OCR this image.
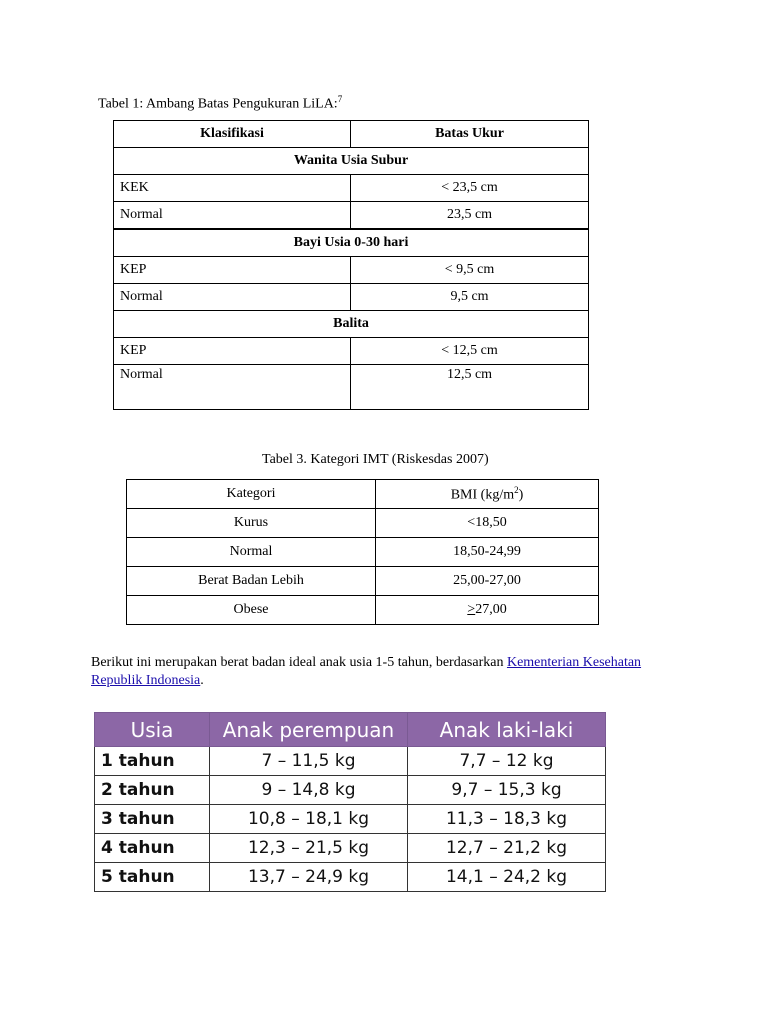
Tabel 1: Ambang Batas Pengukuran LiLA:$^7$
Klasifikasi	Batas Ukur
Wanita Usia Subur	
KEK	< 23,5 cm
Normal	23,5 cm
Bayi Usia 0-30 hari	
KEP	< 9,5 cm
Normal	9,5 cm
Balita	
KEP	< 12,5 cm
Normal	12,5 cm
Tabel 3. Kategori IMT (Riskesdas 2007)
Kategori	BMI $(kg/m^2)$
Kurus	<18,50
Normal	18,50-24,99
Berat Badan Lebih	25,00-27,00
Obese	>27,00
Berikut ini merupakan berat badan ideal anak usia 1-5 tahun, berdasarkan Kementerian Kesehatan Republik Indonesia.
Usia	Anak perempuan	Anak laki-laki
1 tahun	7 – 11,5 kg	7,7 – 12 kg
2 tahun	9 – 14,8 kg	9,7 – 15,3 kg
3 tahun	10,8 – 18,1 kg	11,3 – 18,3 kg
4 tahun	12,3 – 21,5 kg	12,7 – 21,2 kg
5 tahun	13,7 – 24,9 kg	14,1 – 24,2 kg
